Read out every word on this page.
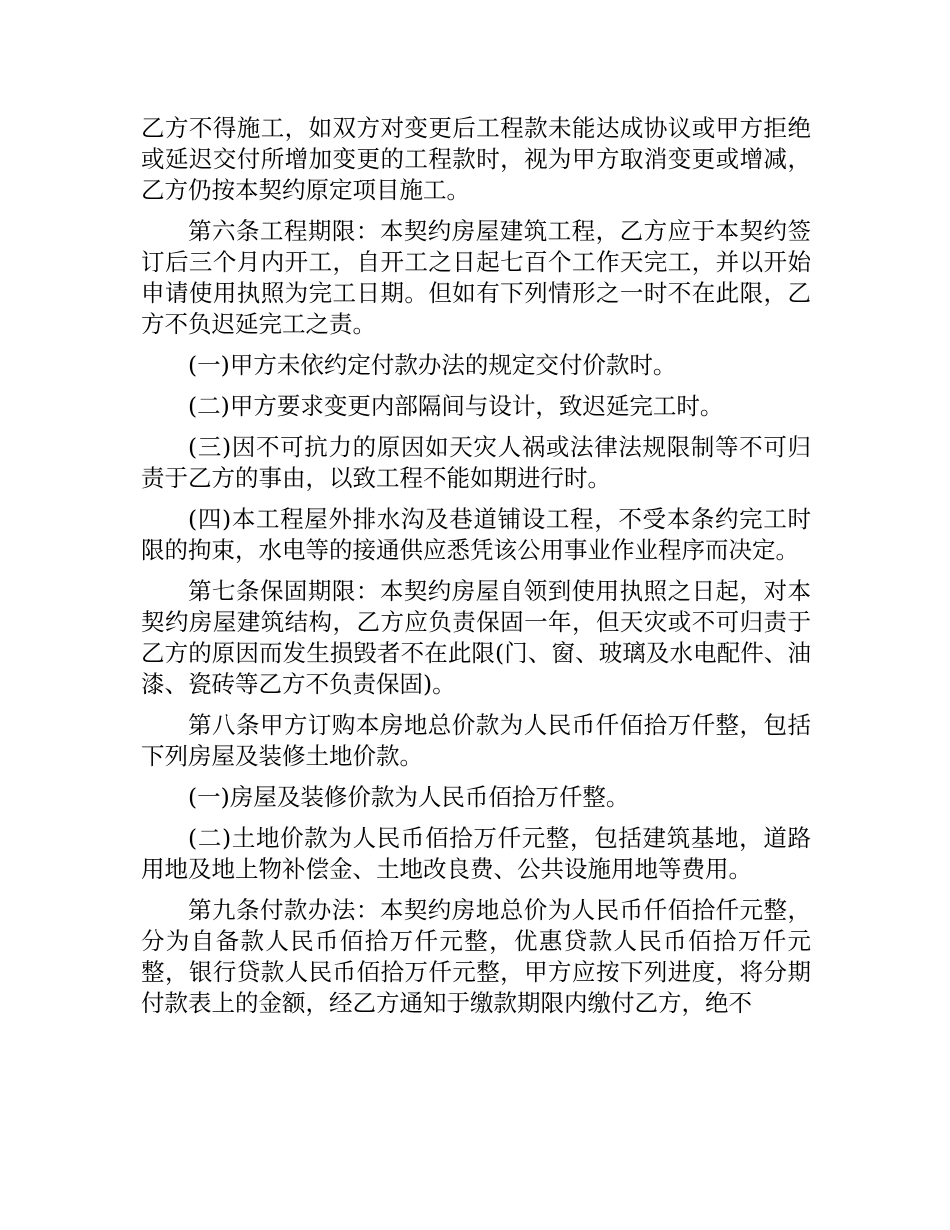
乙方不得施工，如双方对变更后工程款未能达成协议或甲方拒绝或延迟交付所增加变更的工程款时，视为甲方取消变更或增减，乙方仍按本契约原定项目施工。

第六条工程期限：本契约房屋建筑工程，乙方应于本契约签订后三个月内开工，自开工之日起七百个工作天完工，并以开始申请使用执照为完工日期。但如有下列情形之一时不在此限，乙方不负迟延完工之责。

(一)甲方未依约定付款办法的规定交付价款时。

(二)甲方要求变更内部隔间与设计，致迟延完工时。

(三)因不可抗力的原因如天灾人祸或法律法规限制等不可归责于乙方的事由，以致工程不能如期进行时。

(四)本工程屋外排水沟及巷道铺设工程，不受本条约完工时限的拘束，水电等的接通供应悉凭该公用事业作业程序而决定。

第七条保固期限：本契约房屋自领到使用执照之日起，对本契约房屋建筑结构，乙方应负责保固一年，但天灾或不可归责于乙方的原因而发生损毁者不在此限(门、窗、玻璃及水电配件、油漆、瓷砖等乙方不负责保固)。

第八条甲方订购本房地总价款为人民币仟佰拾万仟整，包括下列房屋及装修土地价款。

(一)房屋及装修价款为人民币佰拾万仟整。

(二)土地价款为人民币佰拾万仟元整，包括建筑基地，道路用地及地上物补偿金、土地改良费、公共设施用地等费用。

第九条付款办法：本契约房地总价为人民币仟佰拾仟元整，分为自备款人民币佰拾万仟元整，优惠贷款人民币佰拾万仟元整，银行贷款人民币佰拾万仟元整，甲方应按下列进度，将分期付款表上的金额，经乙方通知于缴款期限内缴付乙方，绝不
